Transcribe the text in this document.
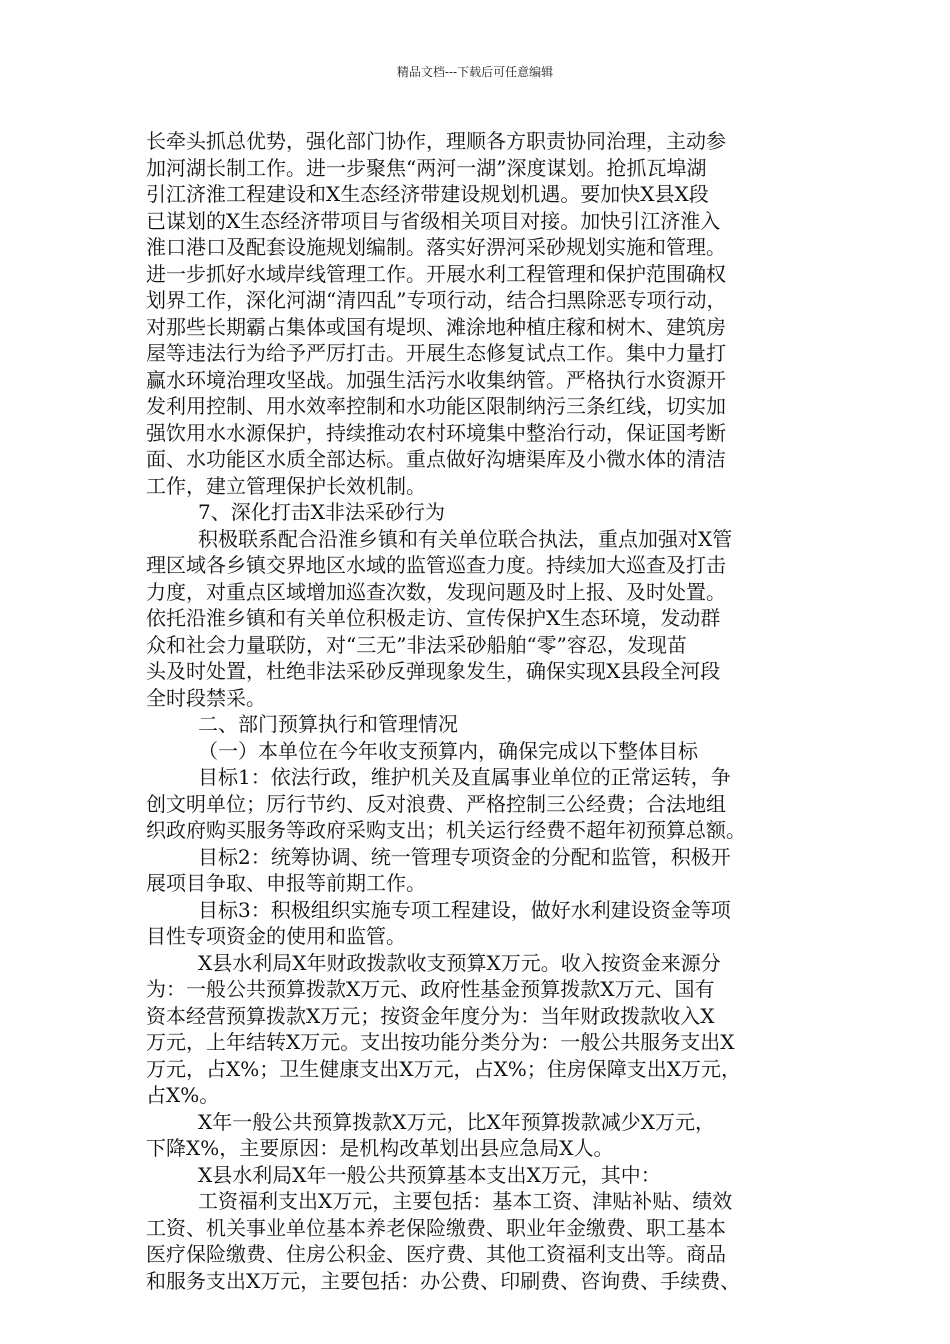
精品文档---下载后可任意编辑
长牵头抓总优势，强化部门协作，理顺各方职责协同治理，主动参
加河湖长制工作。进一步聚焦“两河一湖”深度谋划。抢抓瓦埠湖
引江济淮工程建设和X生态经济带建设规划机遇。要加快X县X段
已谋划的X生态经济带项目与省级相关项目对接。加快引江济淮入
淮口港口及配套设施规划编制。落实好淠河采砂规划实施和管理。
进一步抓好水域岸线管理工作。开展水利工程管理和保护范围确权
划界工作，深化河湖“清四乱”专项行动，结合扫黑除恶专项行动，
对那些长期霸占集体或国有堤坝、滩涂地种植庄稼和树木、建筑房
屋等违法行为给予严厉打击。开展生态修复试点工作。集中力量打
赢水环境治理攻坚战。加强生活污水收集纳管。严格执行水资源开
发利用控制、用水效率控制和水功能区限制纳污三条红线，切实加
强饮用水水源保护，持续推动农村环境集中整治行动，保证国考断
面、水功能区水质全部达标。重点做好沟塘渠库及小微水体的清洁
工作，建立管理保护长效机制。
7、深化打击X非法采砂行为
积极联系配合沿淮乡镇和有关单位联合执法，重点加强对X管
理区域各乡镇交界地区水域的监管巡查力度。持续加大巡查及打击
力度，对重点区域增加巡查次数，发现问题及时上报、及时处置。
依托沿淮乡镇和有关单位积极走访、宣传保护X生态环境，发动群
众和社会力量联防，对“三无”非法采砂船舶“零”容忍，发现苗
头及时处置，杜绝非法采砂反弹现象发生，确保实现X县段全河段
全时段禁采。
二、部门预算执行和管理情况
（一）本单位在今年收支预算内，确保完成以下整体目标
目标1：依法行政，维护机关及直属事业单位的正常运转，争
创文明单位；厉行节约、反对浪费、严格控制三公经费；合法地组
织政府购买服务等政府采购支出；机关运行经费不超年初预算总额。
目标2：统筹协调、统一管理专项资金的分配和监管，积极开
展项目争取、申报等前期工作。
目标3：积极组织实施专项工程建设，做好水利建设资金等项
目性专项资金的使用和监管。
X县水利局X年财政拨款收支预算X万元。收入按资金来源分
为：一般公共预算拨款X万元、政府性基金预算拨款X万元、国有
资本经营预算拨款X万元；按资金年度分为：当年财政拨款收入X
万元，上年结转X万元。支出按功能分类分为：一般公共服务支出X
万元，占X%；卫生健康支出X万元，占X%；住房保障支出X万元，
占X%。
X年一般公共预算拨款X万元，比X年预算拨款减少X万元，
下降X%，主要原因：是机构改革划出县应急局X人。
X县水利局X年一般公共预算基本支出X万元，其中：
工资福利支出X万元，主要包括：基本工资、津贴补贴、绩效
工资、机关事业单位基本养老保险缴费、职业年金缴费、职工基本
医疗保险缴费、住房公积金、医疗费、其他工资福利支出等。商品
和服务支出X万元，主要包括：办公费、印刷费、咨询费、手续费、
